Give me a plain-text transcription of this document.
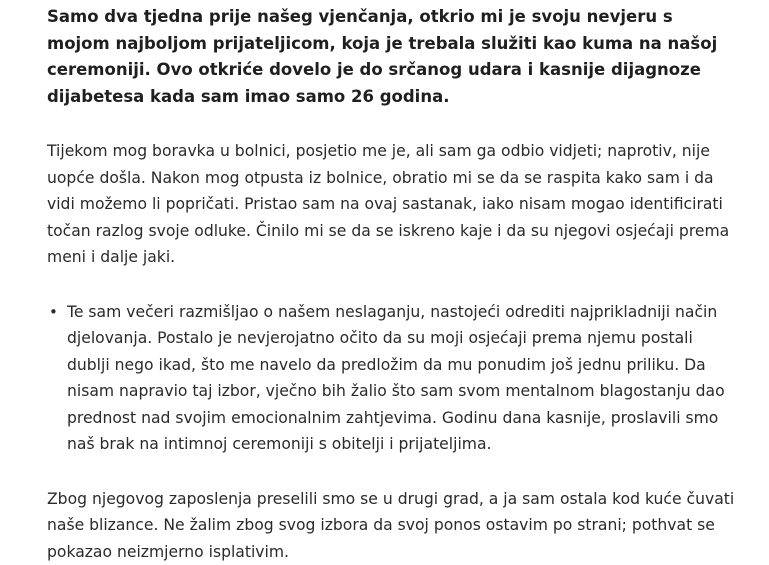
Samo dva tjedna prije našeg vjenčanja, otkrio mi je svoju nevjeru s mojom najboljom prijateljicom, koja je trebala služiti kao kuma na našoj ceremoniji. Ovo otkriće dovelo je do srčanog udara i kasnije dijagnoze dijabetesa kada sam imao samo 26 godina.

Tijekom mog boravka u bolnici, posjetio me je, ali sam ga odbio vidjeti; naprotiv, nije uopće došla. Nakon mog otpusta iz bolnice, obratio mi se da se raspita kako sam i da vidi možemo li popričati. Pristao sam na ovaj sastanak, iako nisam mogao identificirati točan razlog svoje odluke. Činilo mi se da se iskreno kaje i da su njegovi osjećaji prema meni i dalje jaki.

• Te sam večeri razmišljao o našem neslaganju, nastojeći odrediti najprikladniji način djelovanja. Postalo je nevjerojatno očito da su moji osjećaji prema njemu postali dublji nego ikad, što me navelo da predložim da mu ponudim još jednu priliku. Da nisam napravio taj izbor, vječno bih žalio što sam svom mentalnom blagostanju dao prednost nad svojim emocionalnim zahtjevima. Godinu dana kasnije, proslavili smo naš brak na intimnoj ceremoniji s obitelji i prijateljima.

Zbog njegovog zaposlenja preselili smo se u drugi grad, a ja sam ostala kod kuće čuvati naše blizance. Ne žalim zbog svog izbora da svoj ponos ostavim po strani; pothvat se pokazao neizmjerno isplativim.
